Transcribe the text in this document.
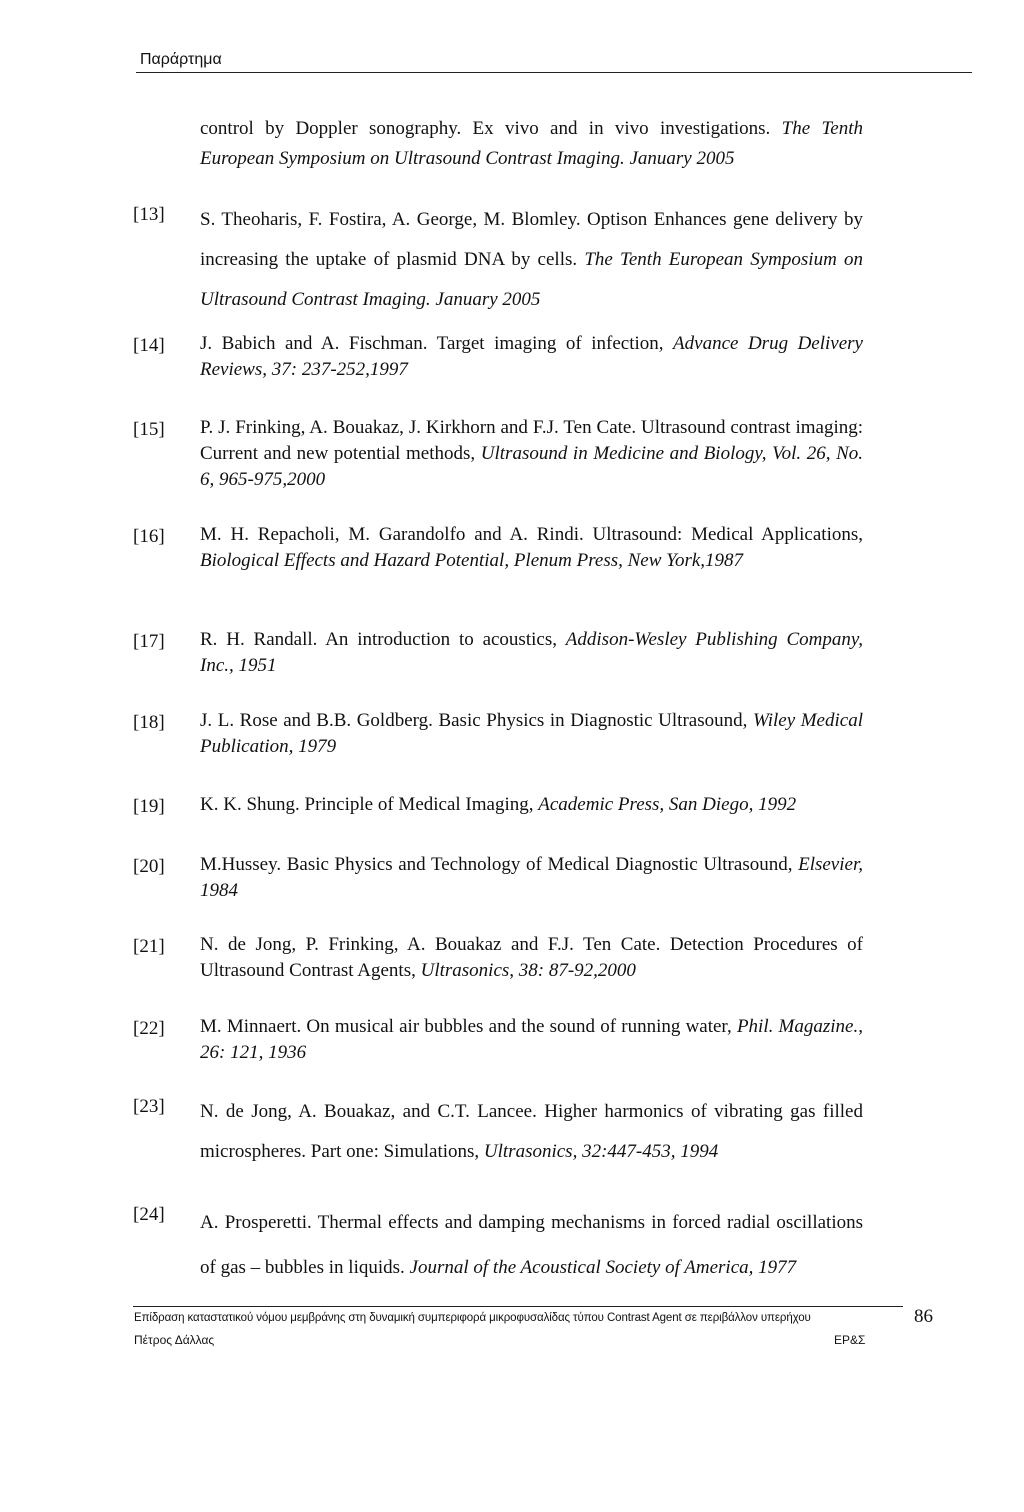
Παράρτημα
control by Doppler sonography. Ex vivo and in vivo investigations. The Tenth European Symposium on Ultrasound Contrast Imaging. January 2005
[13] S. Theoharis, F. Fostira, A. George, M. Blomley. Optison Enhances gene delivery by increasing the uptake of plasmid DNA by cells. The Tenth European Symposium on Ultrasound Contrast Imaging. January 2005
[14] J. Babich and A. Fischman. Target imaging of infection, Advance Drug Delivery Reviews, 37: 237-252,1997
[15] P. J. Frinking, A. Bouakaz, J. Kirkhorn and F.J. Ten Cate. Ultrasound contrast imaging: Current and new potential methods, Ultrasound in Medicine and Biology, Vol. 26, No. 6, 965-975,2000
[16] M. H. Repacholi, M. Garandolfo and A. Rindi. Ultrasound: Medical Applications, Biological Effects and Hazard Potential, Plenum Press, New York,1987
[17] R. H. Randall. An introduction to acoustics, Addison-Wesley Publishing Company, Inc., 1951
[18] J. L. Rose and B.B. Goldberg. Basic Physics in Diagnostic Ultrasound, Wiley Medical Publication, 1979
[19] K. K. Shung. Principle of Medical Imaging, Academic Press, San Diego, 1992
[20] M.Hussey. Basic Physics and Technology of Medical Diagnostic Ultrasound, Elsevier, 1984
[21] N. de Jong, P. Frinking, A. Bouakaz and F.J. Ten Cate. Detection Procedures of Ultrasound Contrast Agents, Ultrasonics, 38: 87-92,2000
[22] M. Minnaert. On musical air bubbles and the sound of running water, Phil. Magazine., 26: 121, 1936
[23] N. de Jong, A. Bouakaz, and C.T. Lancee. Higher harmonics of vibrating gas filled microspheres. Part one: Simulations, Ultrasonics, 32:447-453, 1994
[24] A. Prosperetti. Thermal effects and damping mechanisms in forced radial oscillations of gas – bubbles in liquids. Journal of the Acoustical Society of America, 1977
Επίδραση καταστατικού νόμου μεμβράνης στη δυναμική συμπεριφορά μικροφυσαλίδας τύπου Contrast Agent σε περιβάλλον υπερήχου
Πέτρος Δάλλας	ΕΡ&Σ
86
